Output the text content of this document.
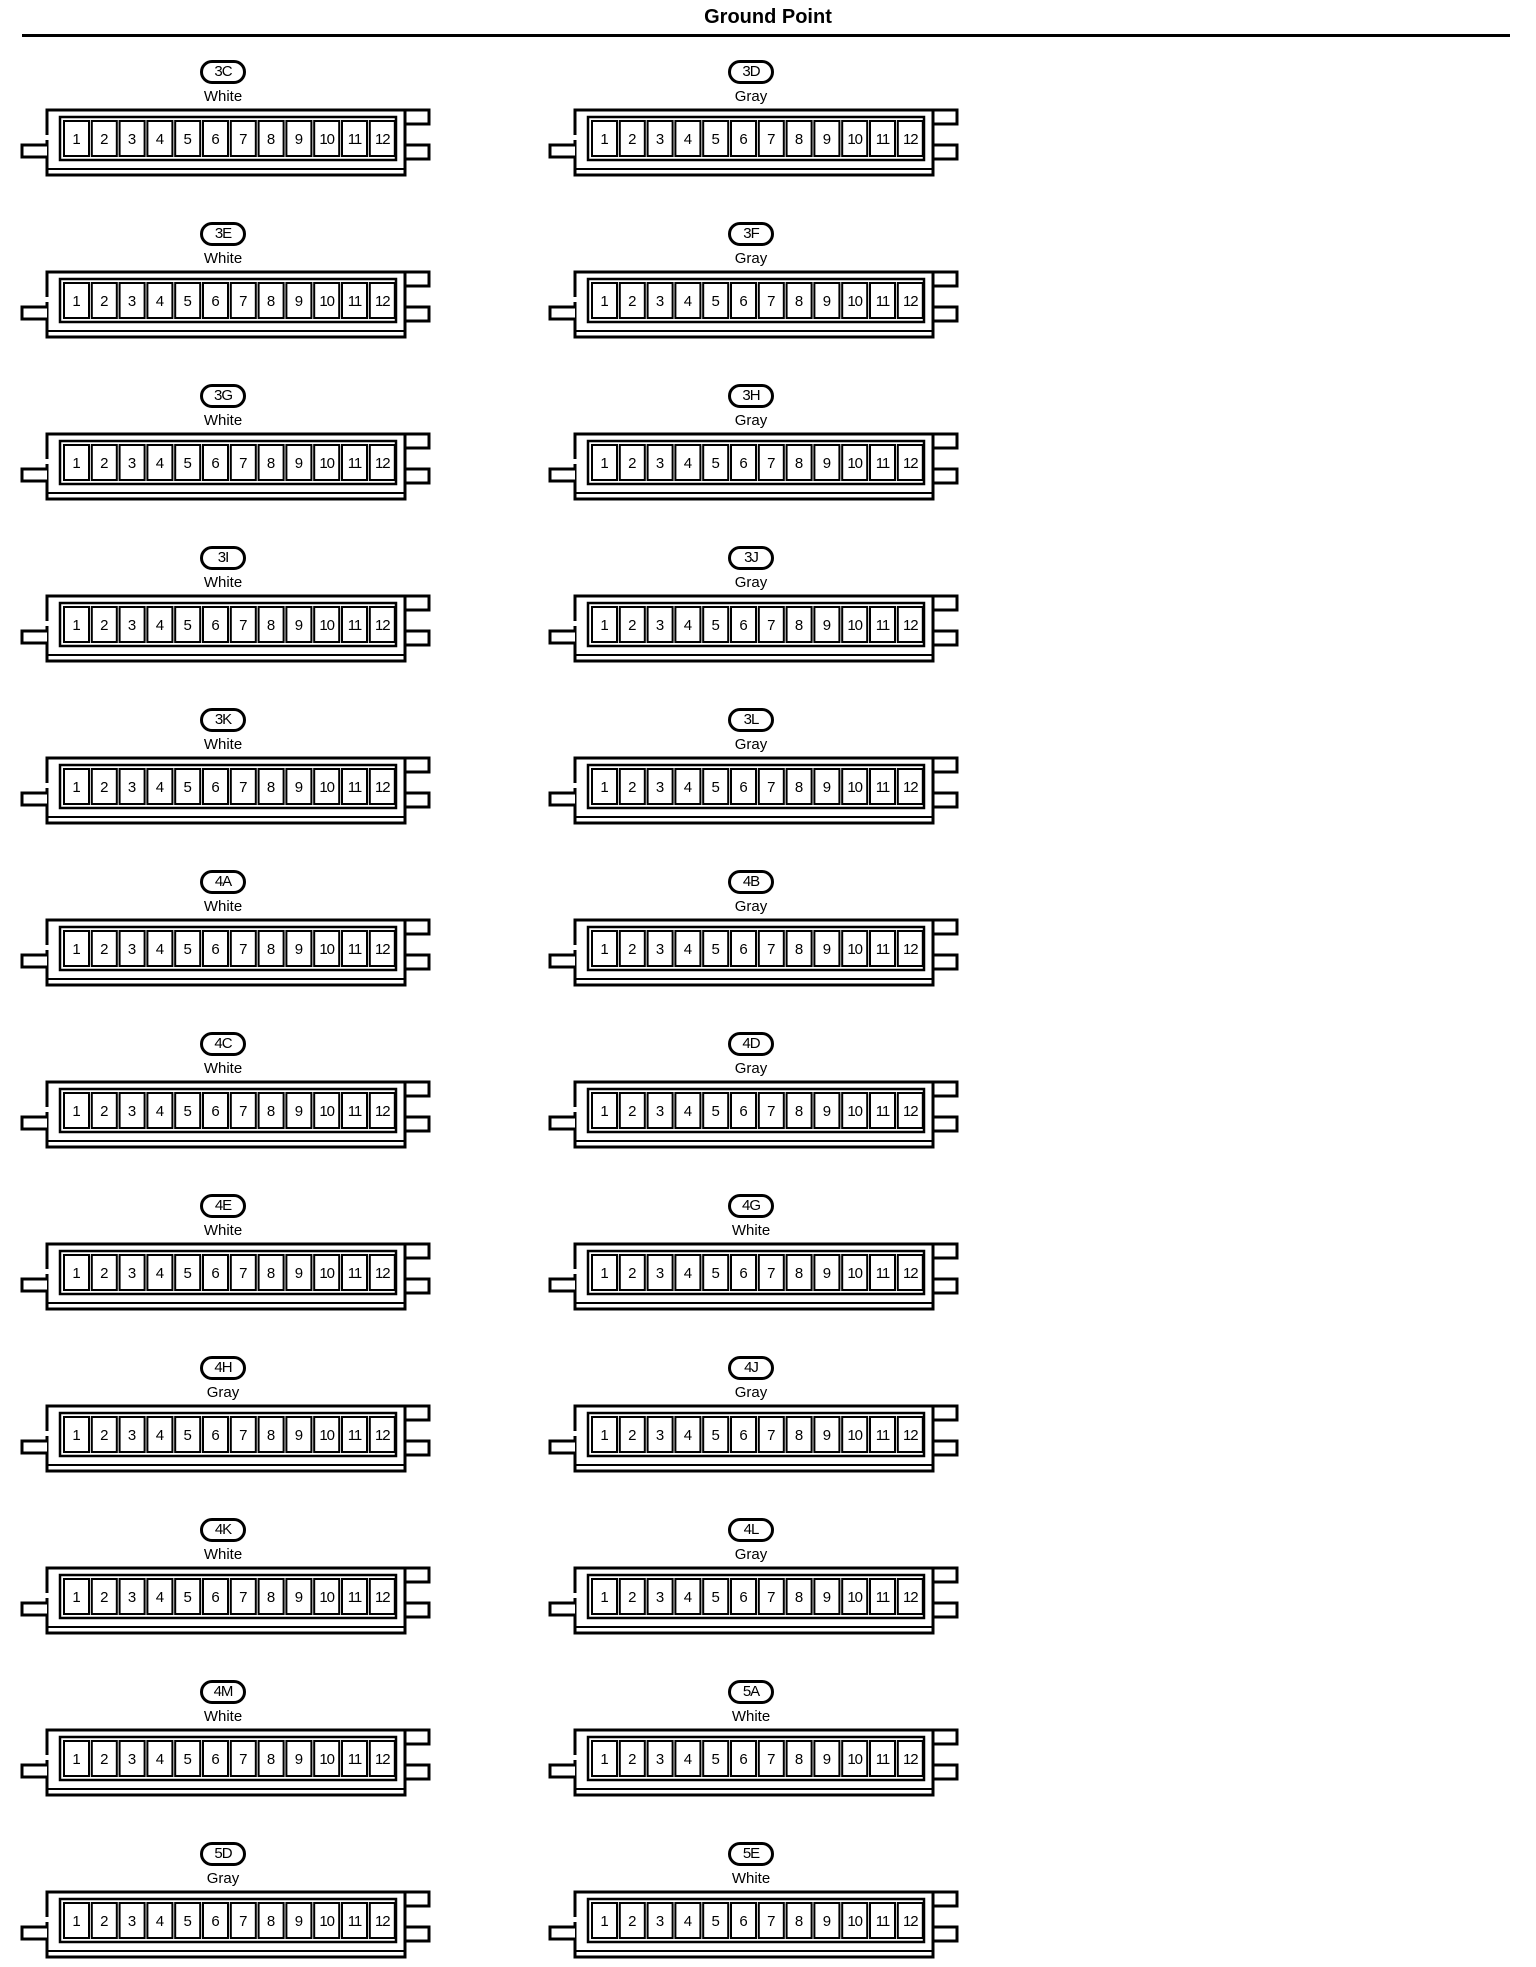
Ground Point
3C
White
1 2 3 4 5 6 7 8 9 10 11 12
3D
Gray
1 2 3 4 5 6 7 8 9 10 11 12
3E
White
1 2 3 4 5 6 7 8 9 10 11 12
3F
Gray
1 2 3 4 5 6 7 8 9 10 11 12
3G
White
1 2 3 4 5 6 7 8 9 10 11 12
3H
Gray
1 2 3 4 5 6 7 8 9 10 11 12
3I
White
1 2 3 4 5 6 7 8 9 10 11 12
3J
Gray
1 2 3 4 5 6 7 8 9 10 11 12
3K
White
1 2 3 4 5 6 7 8 9 10 11 12
3L
Gray
1 2 3 4 5 6 7 8 9 10 11 12
4A
White
1 2 3 4 5 6 7 8 9 10 11 12
4B
Gray
1 2 3 4 5 6 7 8 9 10 11 12
4C
White
1 2 3 4 5 6 7 8 9 10 11 12
4D
Gray
1 2 3 4 5 6 7 8 9 10 11 12
4E
White
1 2 3 4 5 6 7 8 9 10 11 12
4G
White
1 2 3 4 5 6 7 8 9 10 11 12
4H
Gray
1 2 3 4 5 6 7 8 9 10 11 12
4J
Gray
1 2 3 4 5 6 7 8 9 10 11 12
4K
White
1 2 3 4 5 6 7 8 9 10 11 12
4L
Gray
1 2 3 4 5 6 7 8 9 10 11 12
4M
White
1 2 3 4 5 6 7 8 9 10 11 12
5A
White
1 2 3 4 5 6 7 8 9 10 11 12
5D
Gray
1 2 3 4 5 6 7 8 9 10 11 12
5E
White
1 2 3 4 5 6 7 8 9 10 11 12
